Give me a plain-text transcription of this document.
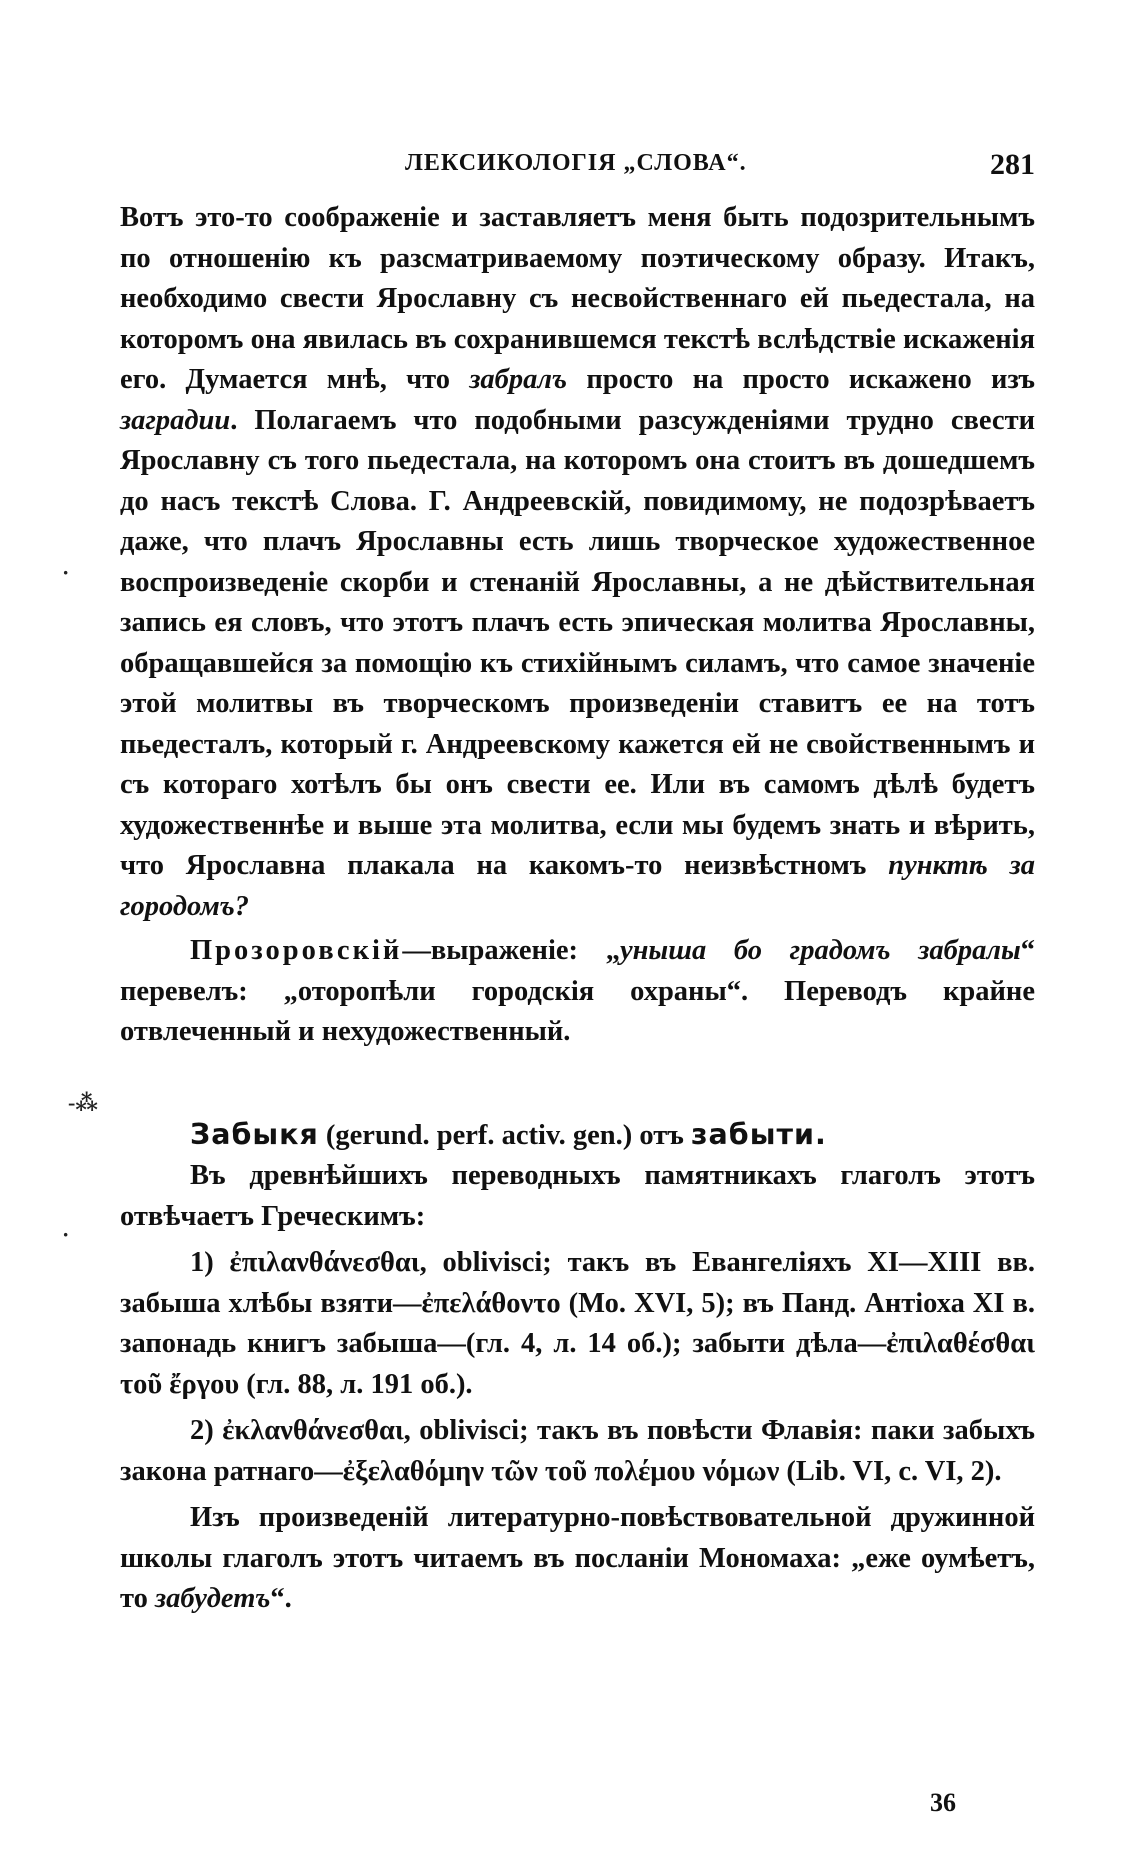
ЛЕКСИКОЛОГІЯ „СЛОВА“.	281

Вотъ это-то соображеніе и заставляетъ меня быть подозрительнымъ по отношенію къ разсматриваемому поэтическому образу. Итакъ, необходимо свести Ярославну съ несвойственнаго ей пьедестала, на которомъ она явилась въ сохранившемся текстѣ вслѣдствіе искаженія его. Думается мнѣ, что забралъ просто на просто искажено изъ заградии. Полагаемъ что подобными разсужденіями трудно свести Ярославну съ того пьедестала, на которомъ она стоитъ въ дошедшемъ до насъ текстѣ Слова. Г. Андреевскій, повидимому, не подозрѣваетъ даже, что плачъ Ярославны есть лишь творческое художественное воспроизведеніе скорби и стенаній Ярославны, а не дѣйствительная запись ея словъ, что этотъ плачъ есть эпическая молитва Ярославны, обращавшейся за помощію къ стихійнымъ силамъ, что самое значеніе этой молитвы въ творческомъ произведеніи ставитъ ее на тотъ пьедесталъ, который г. Андреевскому кажется ей не свойственнымъ и съ котораго хотѣлъ бы онъ свести ее. Или въ самомъ дѣлѣ будетъ художественнѣе и выше эта молитва, если мы будемъ знать и вѣрить, что Ярославна плакала на какомъ-то неизвѣстномъ пунктѣ за городомъ?

Прозоровскій—выраженіе: „уныша бо градомъ забралы“ перевелъ: „оторопѣли городскія охраны“. Переводъ крайне отвлеченный и нехудожественный.

Забыкя (gerund. perf. activ. gen.) отъ забыти.

Въ древнѣйшихъ переводныхъ памятникахъ глаголъ этотъ отвѣчаетъ Греческимъ:

1) ἐπιλανθάνεσθαι, oblivisci; такъ въ Евангеліяхъ XI—XIII вв. забыша хлѣбы взяти—ἐπελάθοντο (Мо. XVI, 5); въ Панд. Антіоха XI в. запонадь книгъ забыша—(гл. 4, л. 14 об.); забыти дѣла—ἐπιλαθέσθαι τοῦ ἔργου (гл. 88, л. 191 об.).

2) ἐκλανθάνεσθαι, oblivisci; такъ въ повѣсти Флавія: паки забыхъ закона ратнаго—ἐξελαθόμην τῶν τοῦ πολέμου νόμων (Lib. VI, c. VI, 2).

Изъ произведеній литературно-повѣствовательной дружинной школы глаголъ этотъ читаемъ въ посланіи Мономаха: „еже оумѣетъ, то забудетъ“.

·
-⁂
·
36
